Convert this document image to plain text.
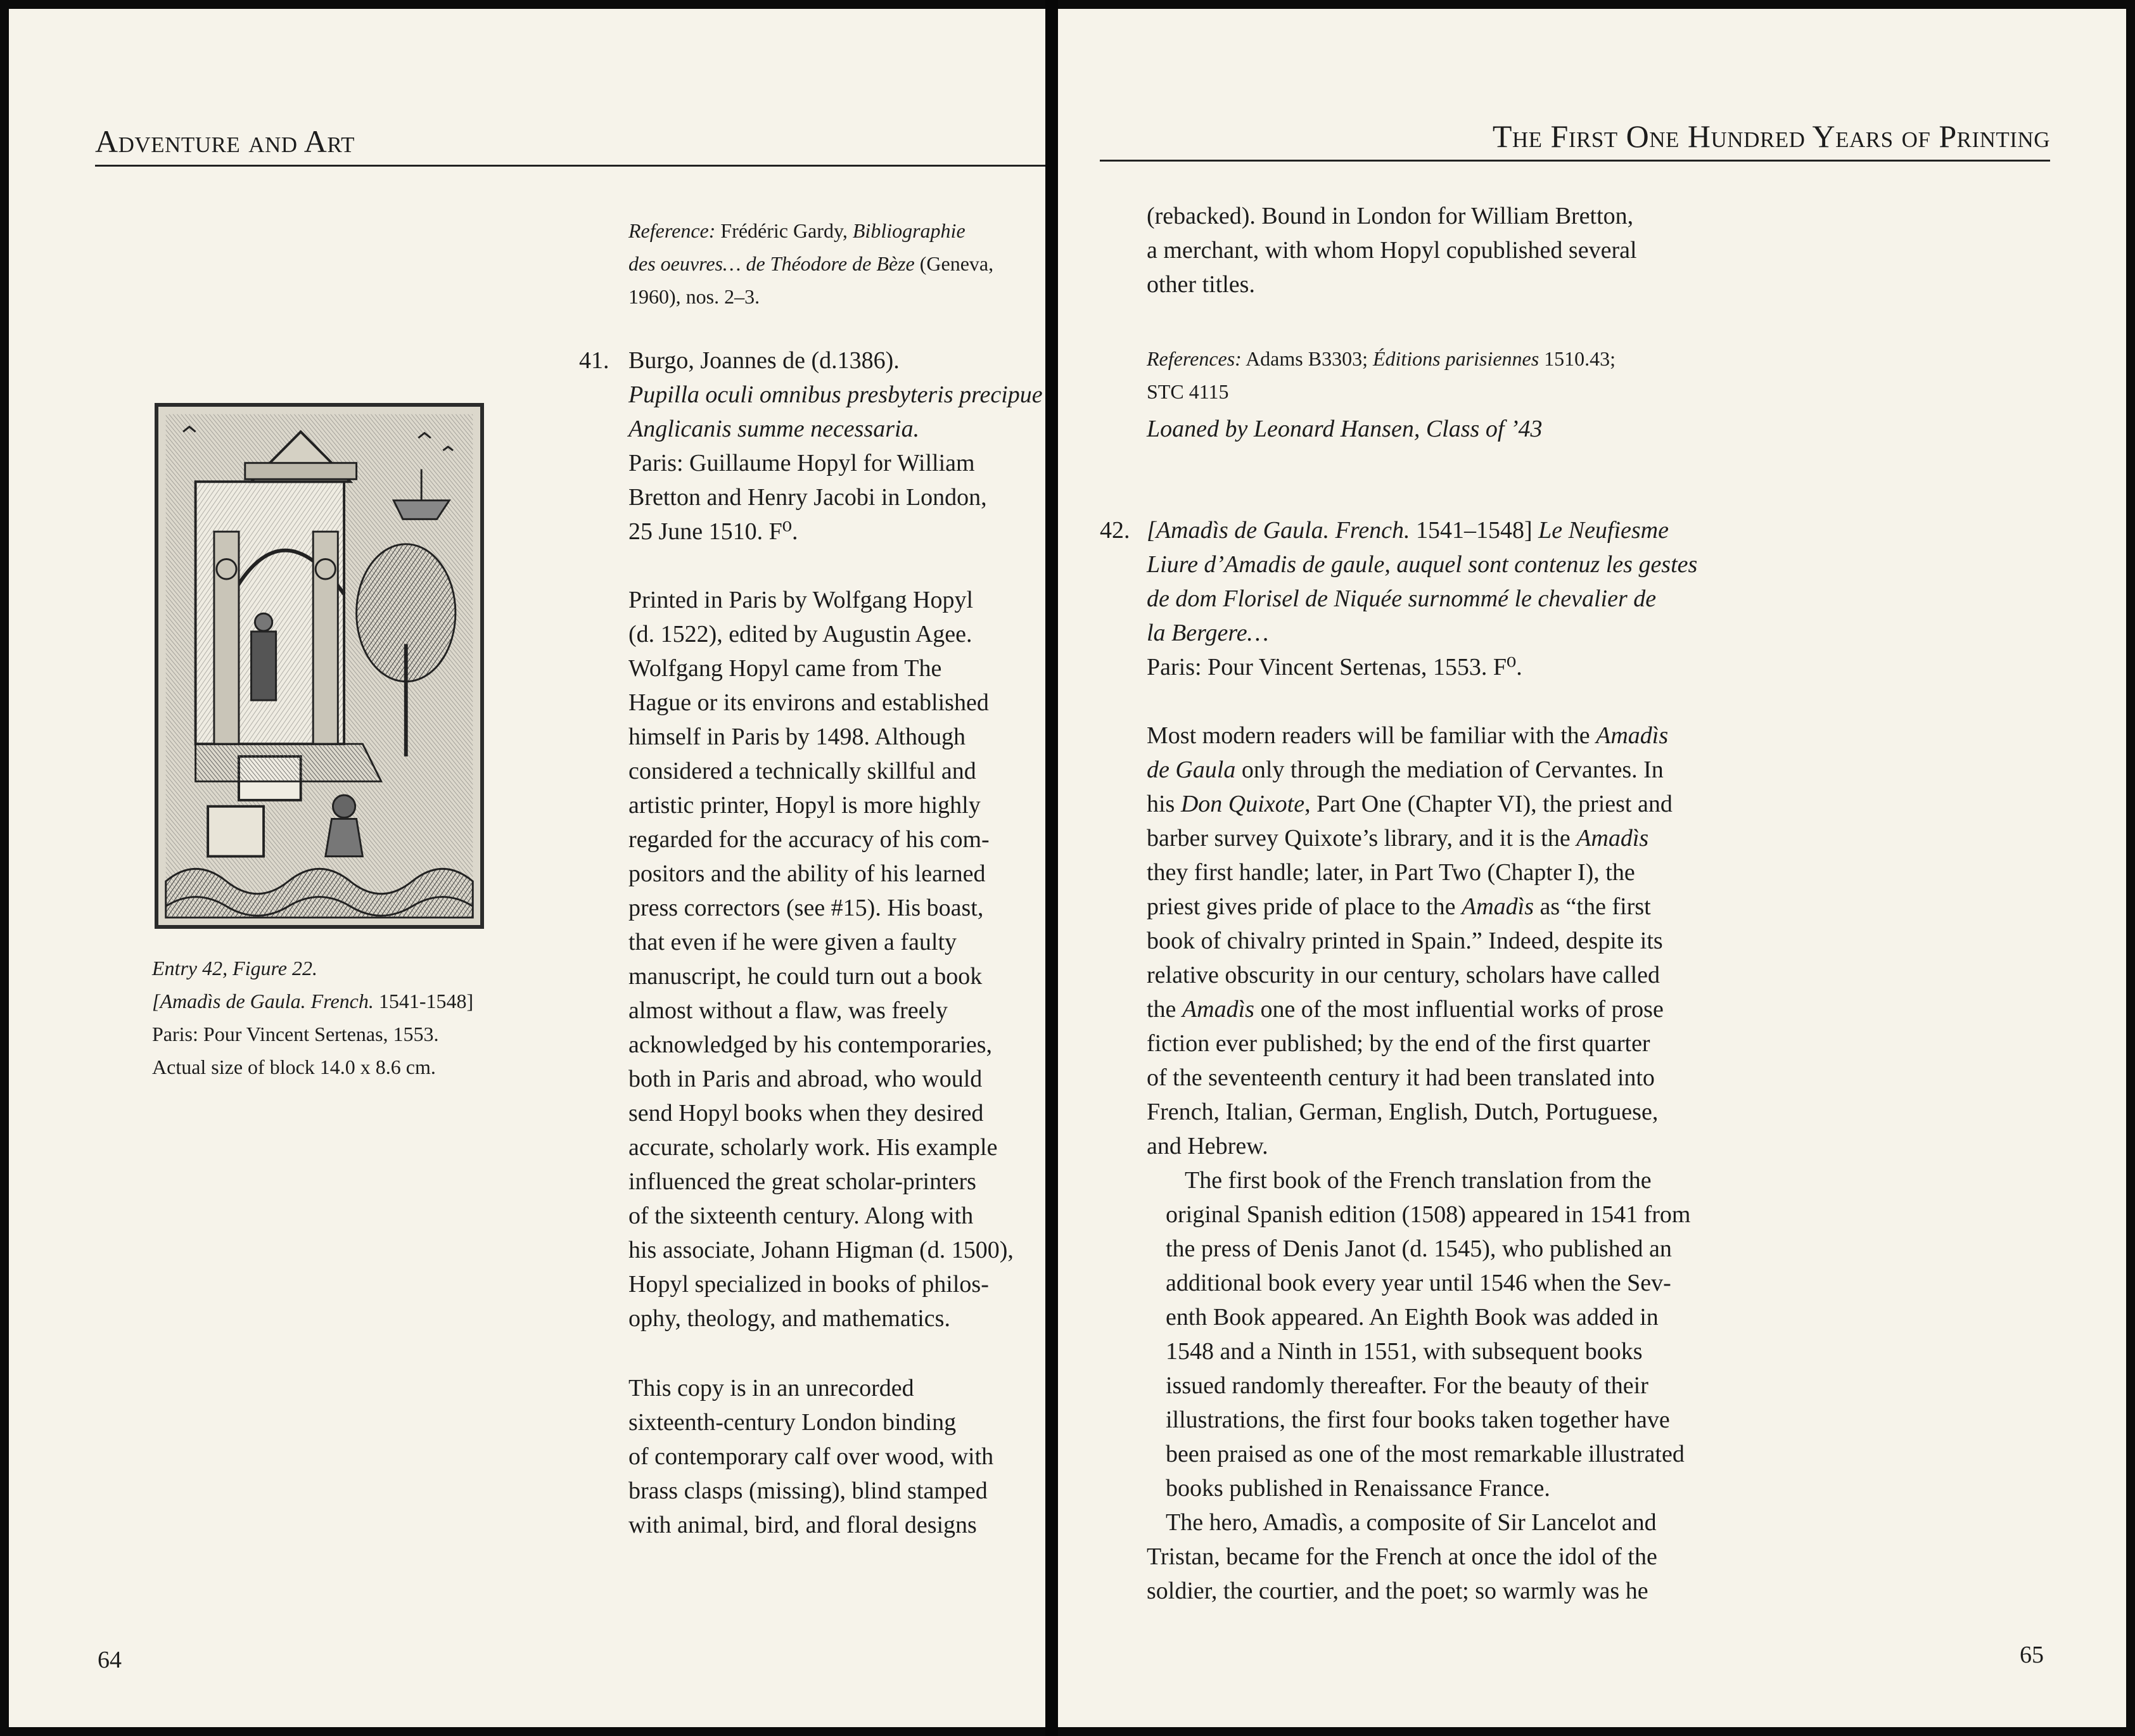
Adventure and Art
Entry 42, Figure 22.
[Amadìs de Gaula. French. 1541-1548]
Paris: Pour Vincent Sertenas, 1553.
Actual size of block 14.0 x 8.6 cm.
Reference: Frédéric Gardy, Bibliographie
des oeuvres… de Théodore de Bèze (Geneva,
1960), nos. 2–3.
41. Burgo, Joannes de (d.1386).
Pupilla oculi omnibus presbyteris precipue
Anglicanis summe necessaria.
Paris: Guillaume Hopyl for William
Bretton and Henry Jacobi in London,
25 June 1510. F⁰.
Printed in Paris by Wolfgang Hopyl
(d. 1522), edited by Augustin Agee.
Wolfgang Hopyl came from The
Hague or its environs and established
himself in Paris by 1498. Although
considered a technically skillful and
artistic printer, Hopyl is more highly
regarded for the accuracy of his com-
positors and the ability of his learned
press correctors (see #15). His boast,
that even if he were given a faulty
manuscript, he could turn out a book
almost without a flaw, was freely
acknowledged by his contemporaries,
both in Paris and abroad, who would
send Hopyl books when they desired
accurate, scholarly work. His example
influenced the great scholar-printers
of the sixteenth century. Along with
his associate, Johann Higman (d. 1500),
Hopyl specialized in books of philos-
ophy, theology, and mathematics.
This copy is in an unrecorded
sixteenth-century London binding
of contemporary calf over wood, with
brass clasps (missing), blind stamped
with animal, bird, and floral designs
64
The First One Hundred Years of Printing
(rebacked). Bound in London for William Bretton,
a merchant, with whom Hopyl copublished several
other titles.
References: Adams B3303; Éditions parisiennes 1510.43;
STC 4115
Loaned by Leonard Hansen, Class of ’43
42. [Amadìs de Gaula. French. 1541–1548] Le Neufiesme
Liure d’Amadis de gaule, auquel sont contenuz les gestes
de dom Florisel de Niquée surnommé le chevalier de
la Bergere…
Paris: Pour Vincent Sertenas, 1553. F⁰.
Most modern readers will be familiar with the Amadìs
de Gaula only through the mediation of Cervantes. In
his Don Quixote, Part One (Chapter VI), the priest and
barber survey Quixote’s library, and it is the Amadìs
they first handle; later, in Part Two (Chapter I), the
priest gives pride of place to the Amadìs as “the first
book of chivalry printed in Spain.” Indeed, despite its
relative obscurity in our century, scholars have called
the Amadìs one of the most influential works of prose
fiction ever published; by the end of the first quarter
of the seventeenth century it had been translated into
French, Italian, German, English, Dutch, Portuguese,
and Hebrew.
The first book of the French translation from the
original Spanish edition (1508) appeared in 1541 from
the press of Denis Janot (d. 1545), who published an
additional book every year until 1546 when the Sev-
enth Book appeared. An Eighth Book was added in
1548 and a Ninth in 1551, with subsequent books
issued randomly thereafter. For the beauty of their
illustrations, the first four books taken together have
been praised as one of the most remarkable illustrated
books published in Renaissance France.
The hero, Amadìs, a composite of Sir Lancelot and
Tristan, became for the French at once the idol of the
soldier, the courtier, and the poet; so warmly was he
65
